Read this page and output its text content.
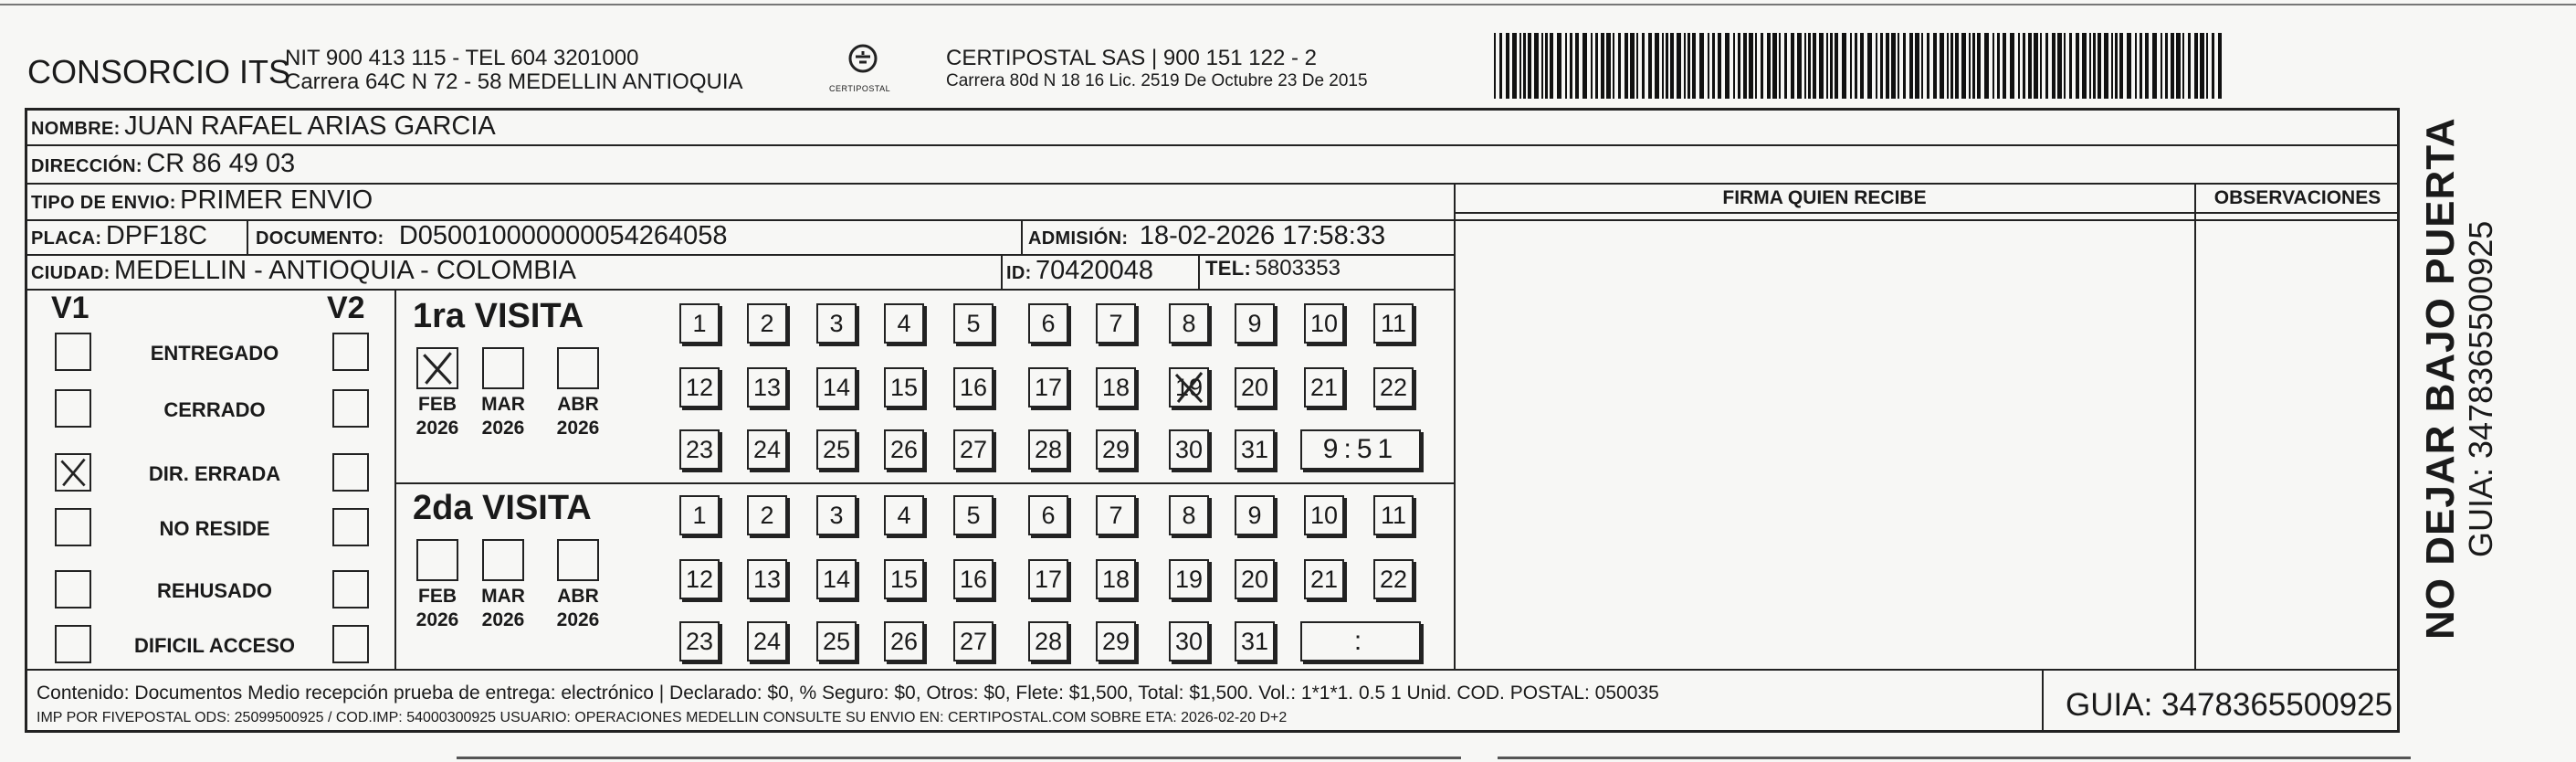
CONSORCIO ITS
NIT 900 413 115 - TEL 604 3201000
Carrera 64C N 72 - 58 MEDELLIN ANTIOQUIA	CERTIPOSTAL
CERTIPOSTAL SAS | 900 151 122 - 2
Carrera 80d N 18 16 Lic. 2519 De Octubre 23 De 2015
NOMBRE: JUAN RAFAEL ARIAS GARCIA
DIRECCIÓN: CR 86 49 03
TIPO DE ENVIO: PRIMER ENVIO
PLACA: DPF18C	DOCUMENTO: D050010000000054264058	ADMISIÓN: 18-02-2026 17:58:33
CIUDAD: MEDELLIN - ANTIOQUIA - COLOMBIA	ID: 70420048	TEL: 5803353
FIRMA QUIEN RECIBE	OBSERVACIONES
V1	V2
ENTREGADO
CERRADO
DIR. ERRADA
NO RESIDE
REHUSADO
DIFICIL ACCESO
1ra VISITA
FEB
2026
MAR
2026
ABR
2026
1	2	3	4	5	6	7	8	9	10 11
12 13 14 15 16 17 18 19 20 21 22
23 24 25 26 27 28 29 30 31	9:51
2da VISITA
FEB
2026
MAR
2026
ABR
2026
1	2	3	4	5	6	7	8	9	10 11
12 13 14 15 16 17 18 19 20 21 22
23 24 25 26 27 28 29 30 31	:
Contenido: Documentos Medio recepción prueba de entrega: electrónico | Declarado: $0, % Seguro: $0, Otros: $0, Flete: $1,500, Total: $1,500. Vol.: 1*1*1. 0.5 1 Unid. COD. POSTAL: 050035
IMP POR FIVEPOSTAL ODS: 25099500925 / COD.IMP: 54000300925 USUARIO: OPERACIONES MEDELLIN CONSULTE SU ENVIO EN: CERTIPOSTAL.COM SOBRE ETA: 2026-02-20 D+2	GUIA: 3478365500925
NO DEJAR BAJO PUERTA GUIA: 3478365500925
